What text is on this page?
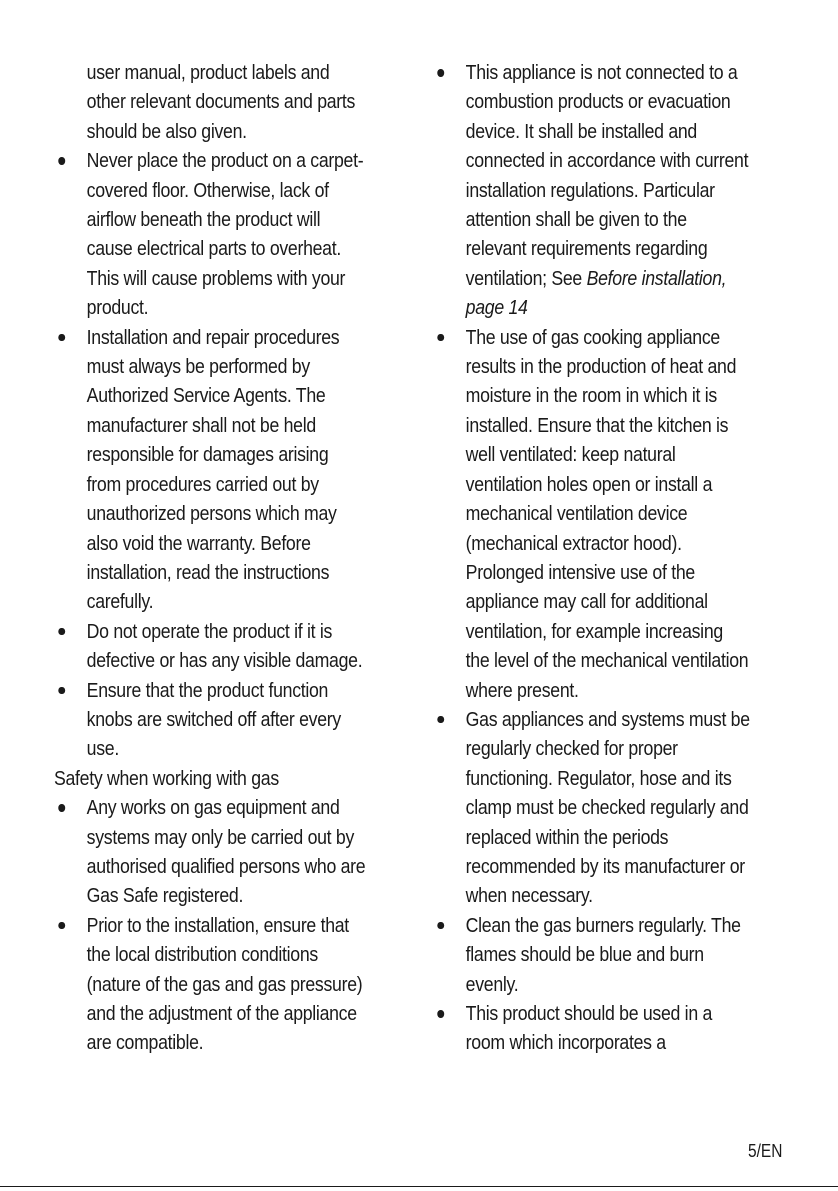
user manual, product labels and other relevant documents and parts should be also given.
Never place the product on a carpet-covered floor. Otherwise, lack of airflow beneath the product will cause electrical parts to overheat. This will cause problems with your product.
Installation and repair procedures must always be performed by Authorized Service Agents. The manufacturer shall not be held responsible for damages arising from procedures carried out by unauthorized persons which may also void the warranty. Before installation, read the instructions carefully.
Do not operate the product if it is defective or has any visible damage.
Ensure that the product function knobs are switched off after every use.
Safety when working with gas
Any works on gas equipment and systems may only be carried out by authorised qualified persons who are Gas Safe registered.
Prior to the installation, ensure that the local distribution conditions (nature of the gas and gas pressure) and the adjustment of the appliance are compatible.
This appliance is not connected to a combustion products or evacuation device. It shall be installed and connected in accordance with current installation regulations. Particular attention shall be given to the relevant requirements regarding ventilation; See Before installation, page 14
The use of gas cooking appliance results in the production of heat and moisture in the room in which it is installed. Ensure that the kitchen is well ventilated: keep natural ventilation holes open or install a mechanical ventilation device (mechanical extractor hood). Prolonged intensive use of the appliance may call for additional ventilation, for example increasing the level of the mechanical ventilation where present.
Gas appliances and systems must be regularly checked for proper functioning. Regulator, hose and its clamp must be checked regularly and replaced within the periods recommended by its manufacturer or when necessary.
Clean the gas burners regularly. The flames should be blue and burn evenly.
This product should be used in a room which incorporates a
5/EN
